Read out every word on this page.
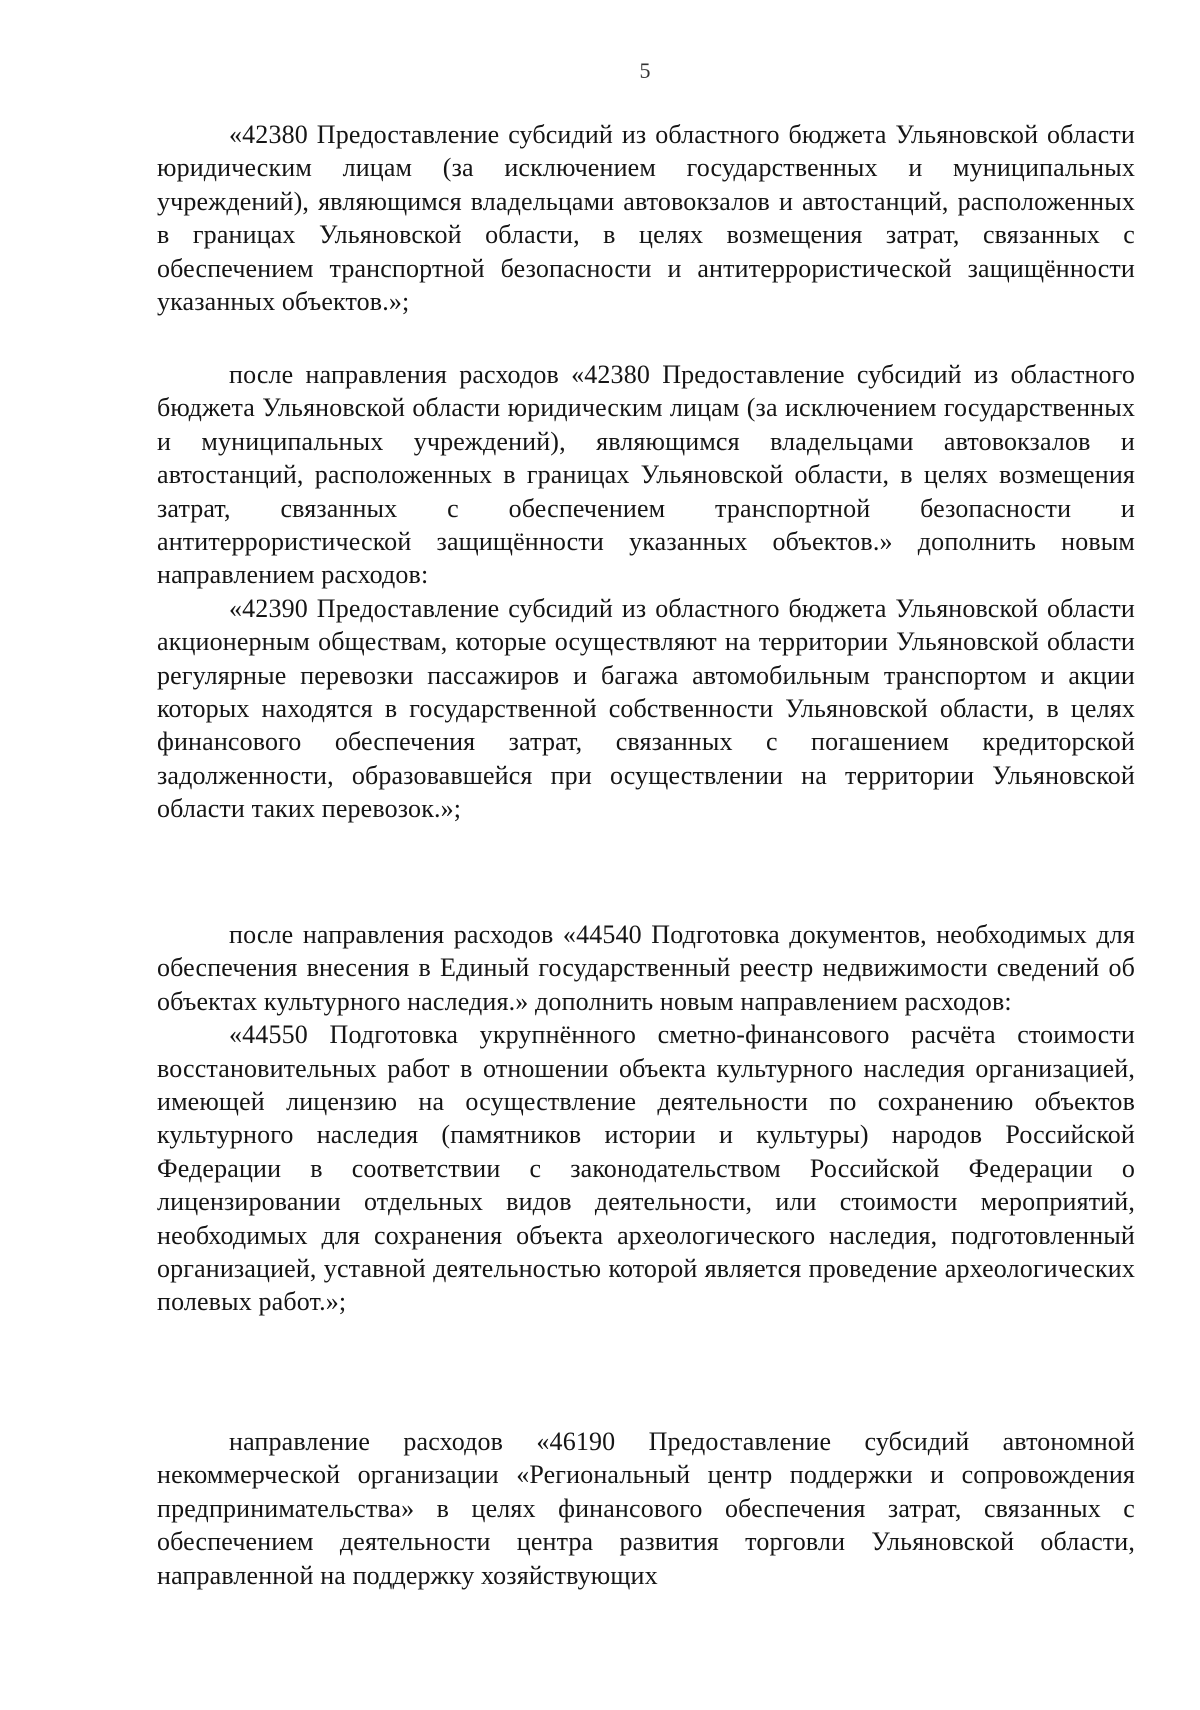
5

«42380 Предоставление субсидий из областного бюджета Ульяновской области юридическим лицам (за исключением государственных и муниципальных учреждений), являющимся владельцами автовокзалов и автостанций, расположенных в границах Ульяновской области, в целях возмещения затрат, связанных с обеспечением транспортной безопасности и антитеррористической защищённости указанных объектов.»;

после направления расходов «42380 Предоставление субсидий из областного бюджета Ульяновской области юридическим лицам (за исключением государственных и муниципальных учреждений), являющимся владельцами автовокзалов и автостанций, расположенных в границах Ульяновской области, в целях возмещения затрат, связанных с обеспечением транспортной безопасности и антитеррористической защищённости указанных объектов.» дополнить новым направлением расходов:

«42390 Предоставление субсидий из областного бюджета Ульяновской области акционерным обществам, которые осуществляют на территории Ульяновской области регулярные перевозки пассажиров и багажа автомобильным транспортом и акции которых находятся в государственной собственности Ульяновской области, в целях финансового обеспечения затрат, связанных с погашением кредиторской задолженности, образовавшейся при осуществлении на территории Ульяновской области таких перевозок.»;

после направления расходов «44540 Подготовка документов, необходимых для обеспечения внесения в Единый государственный реестр недвижимости сведений об объектах культурного наследия.» дополнить новым направлением расходов:

«44550 Подготовка укрупнённого сметно-финансового расчёта стоимости восстановительных работ в отношении объекта культурного наследия организацией, имеющей лицензию на осуществление деятельности по сохранению объектов культурного наследия (памятников истории и культуры) народов Российской Федерации в соответствии с законодательством Российской Федерации о лицензировании отдельных видов деятельности, или стоимости мероприятий, необходимых для сохранения объекта археологического наследия, подготовленный организацией, уставной деятельностью которой является проведение археологических полевых работ.»;

направление расходов «46190 Предоставление субсидий автономной некоммерческой организации «Региональный центр поддержки и сопровождения предпринимательства» в целях финансового обеспечения затрат, связанных с обеспечением деятельности центра развития торговли Ульяновской области, направленной на поддержку хозяйствующих
